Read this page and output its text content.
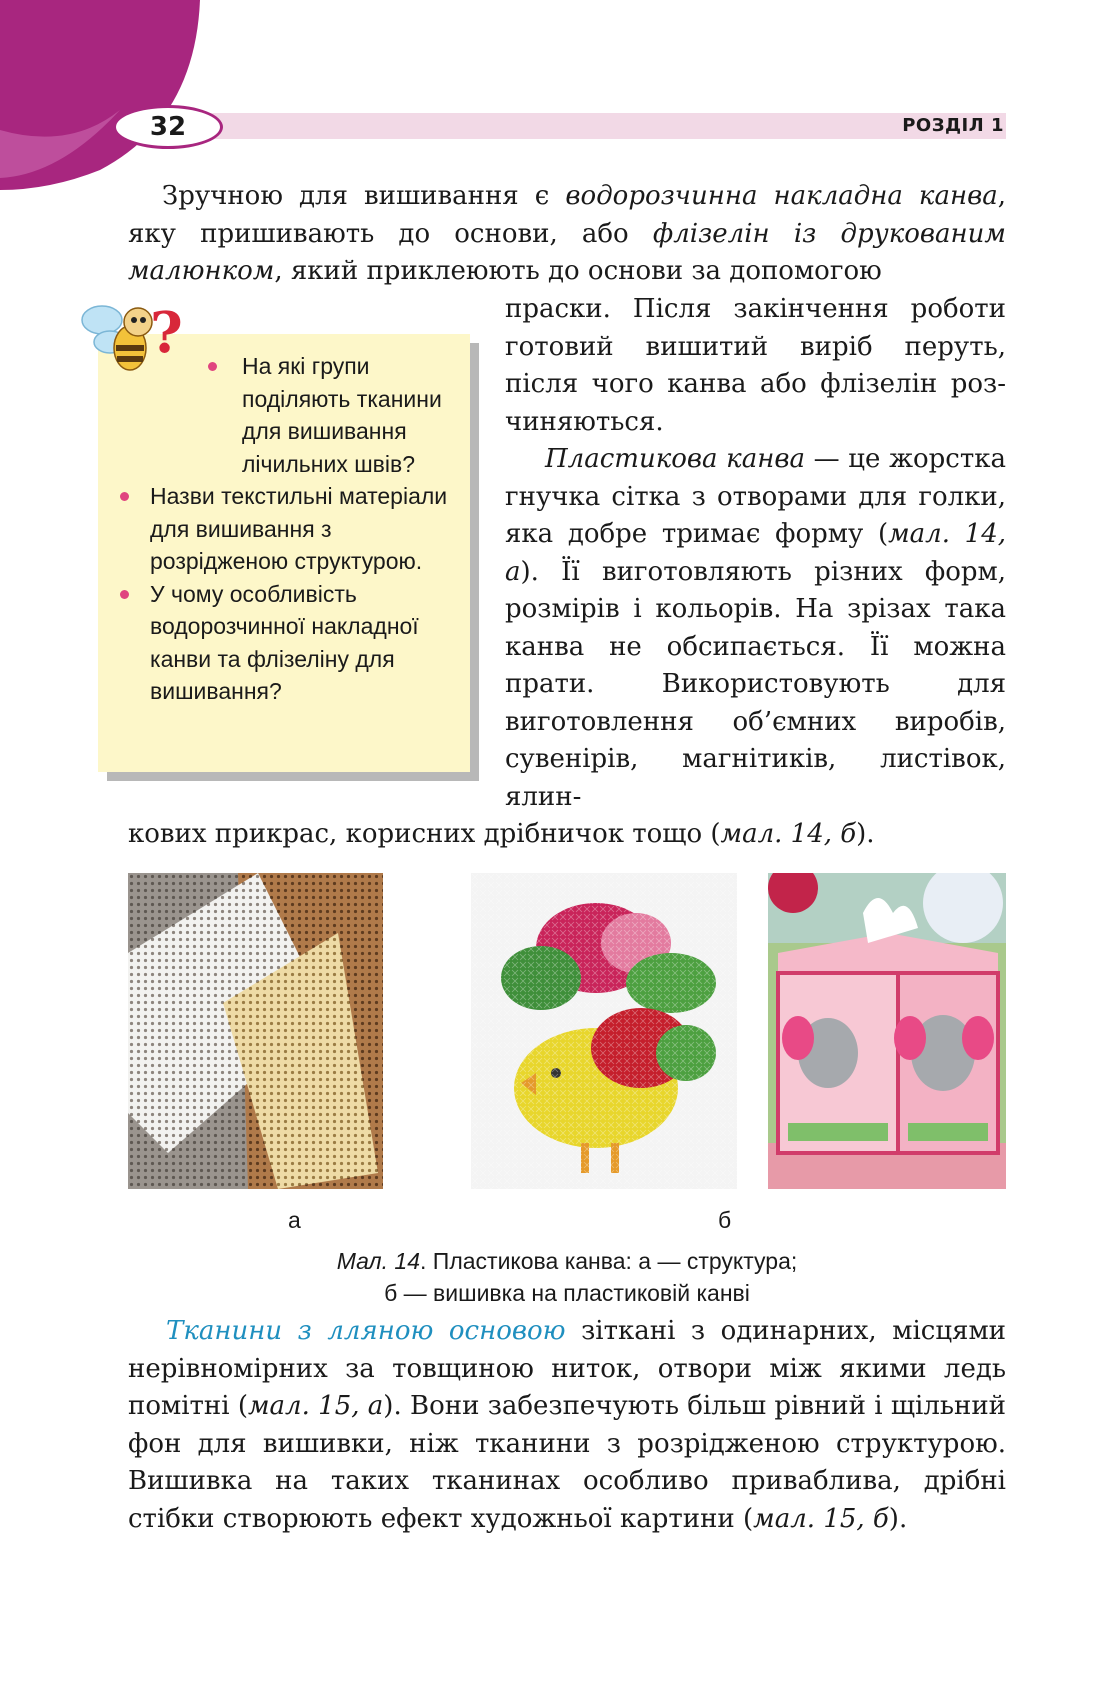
32	РОЗДІЛ 1

Зручною для вишивання є водорозчинна накладна канва, яку пришивають до основи, або флізелін із друкованим малюнком, який приклеюють до основи за допомогою

праски. Після закінчення роботи готовий вишитий виріб перуть, після чого канва або флізелін розчиняються.

Пластикова канва — це жорстка гнучка сітка з отворами для голки, яка добре тримає форму (мал. 14, а). Її виготовляють різних форм, розмірів і кольорів. На зрізах така канва не обсипається. Її можна прати. Використовують для виготовлення об’ємних виробів, сувенірів, магнітиків, листівок, ялин-

кових прикрас, корисних дрібничок тощо (мал. 14, б).

?	На які групи поділяють тканини для вишивання лічильних швів?
Назви текстильні матеріали для вишивання з розрідженою структурою.
У чому особливість водорозчинної накладної канви та флізеліну для вишивання?
а	б
Мал. 14. Пластикова канва: а — структура;
б — вишивка на пластиковій канві

Тканини з лляною основою зіткані з одинарних, місцями нерівномірних за товщиною ниток, отвори між якими ледь помітні (мал. 15, а). Вони забезпечують більш рівний і щільний фон для вишивки, ніж тканини з розрідженою структурою. Вишивка на таких тканинах особливо приваблива, дрібні стібки створюють ефект художньої картини (мал. 15, б).
